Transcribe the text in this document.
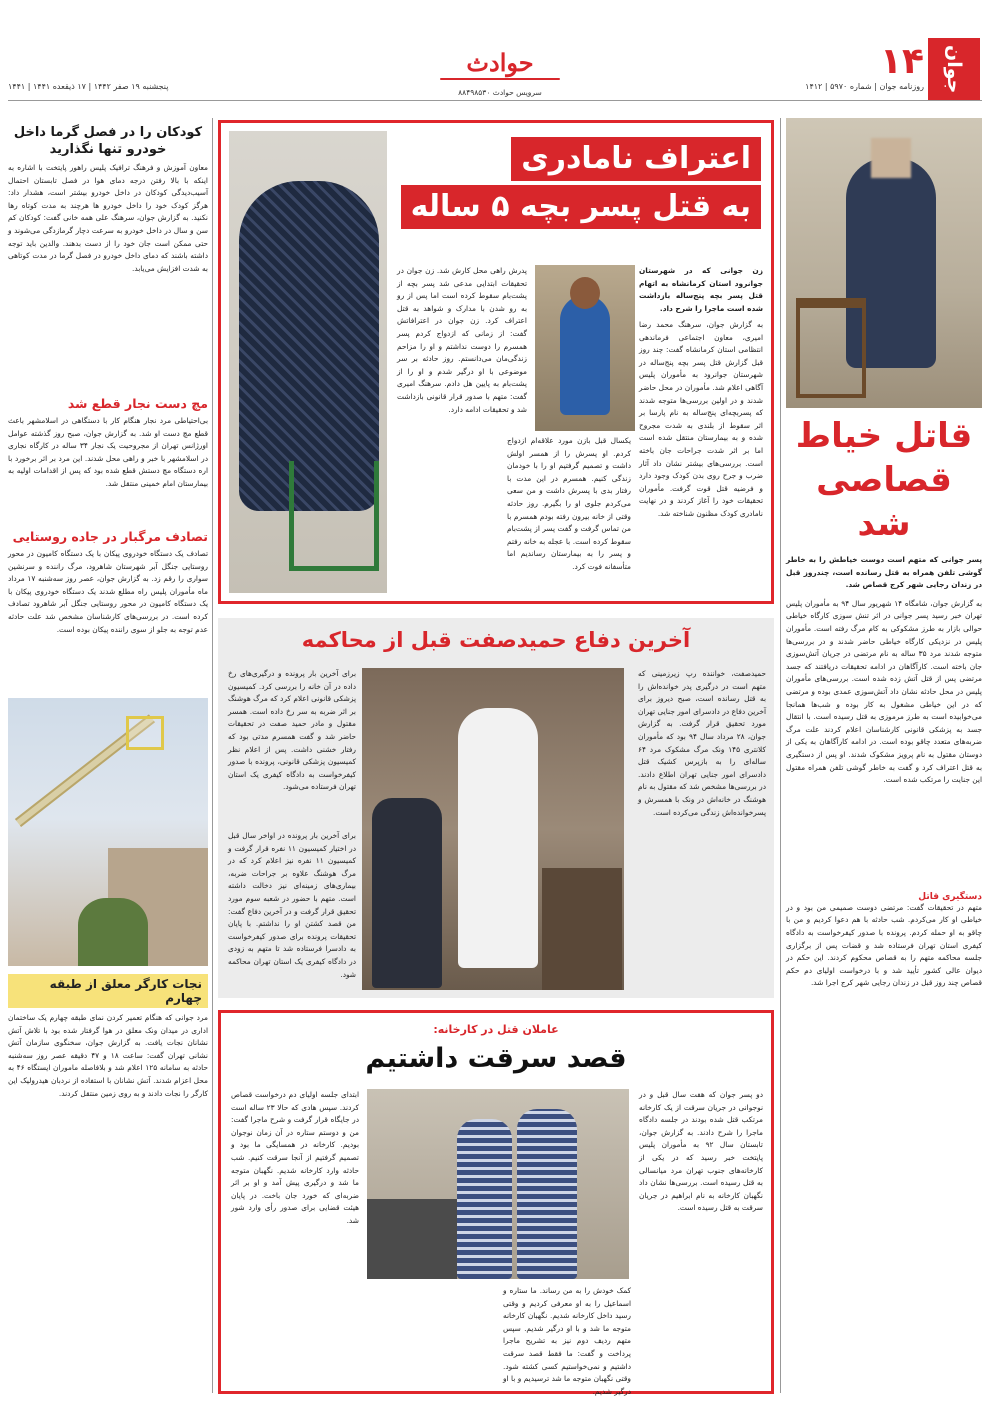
جوان
۱۴
روزنامه جوان | شماره ۵۹۷۰ | ۱۴۱۲
حوادث
سرویس حوادث ۸۸۴۹۸۵۳۰
پنجشنبه ۱۹ صفر ۱۴۴۲ | ۱۷ ذیقعده ۱۴۴۱ | ۱۴۴۱
کودکان را در فصل گرما داخل خودرو تنها نگذارید
معاون آموزش و فرهنگ ترافیک پلیس راهور پایتخت با اشاره به اینکه با بالا رفتن درجه دمای هوا در فصل تابستان احتمال آسیب‌دیدگی کودکان در داخل خودرو بیشتر است، هشدار داد: هرگز کودک خود را داخل خودرو ها هرچند به مدت کوتاه رها نکنید. به گزارش جوان، سرهنگ علی همه خانی گفت: کودکان کم سن و سال در داخل خودرو به سرعت دچار گرمازدگی می‌شوند و حتی ممکن است جان خود را از دست بدهند. والدین باید توجه داشته باشند که دمای داخل خودرو در فصل گرما در مدت کوتاهی به شدت افزایش می‌یابد.
مچ دست نجار قطع شد
بی‌احتیاطی مرد نجار هنگام کار با دستگاهی در اسلامشهر باعث قطع مچ دست او شد. به گزارش جوان، صبح روز گذشته عوامل اورژانس تهران از مجروحیت یک نجار ۳۴ ساله در کارگاه نجاری در اسلامشهر با خبر و راهی محل شدند. این مرد بر اثر برخورد با اره دستگاه مچ دستش قطع شده بود که پس از اقدامات اولیه به بیمارستان امام خمینی منتقل شد.
تصادف مرگبار در جاده روستایی
تصادف یک دستگاه خودروی پیکان با یک دستگاه کامیون در محور روستایی جنگل آبر شهرستان شاهرود، مرگ راننده و سرنشین سواری را رقم زد. به گزارش جوان، عصر روز سه‌شنبه ۱۷ مرداد ماه مأموران پلیس راه مطلع شدند یک دستگاه خودروی پیکان با یک دستگاه کامیون در محور روستایی جنگل آبر شاهرود تصادف کرده است. در بررسی‌های کارشناسان مشخص شد علت حادثه عدم توجه به جلو از سوی راننده پیکان بوده است.
نجات کارگر معلق از طبقه چهارم
مرد جوانی که هنگام تعمیر کردن نمای طبقه چهارم یک ساختمان اداری در میدان ونک معلق در هوا گرفتار شده بود با تلاش آتش نشانان نجات یافت. به گزارش جوان، سخنگوی سازمان آتش نشانی تهران گفت: ساعت ۱۸ و ۴۷ دقیقه عصر روز سه‌شنبه حادثه به سامانه ۱۲۵ اعلام شد و بلافاصله ماموران ایستگاه ۴۶ به محل اعزام شدند. آتش نشانان با استفاده از نردبان هیدرولیک این کارگر را نجات دادند و به روی زمین منتقل کردند.
قاتل خیاط
قصاصی شد
پسر جوانی که متهم است دوست خیاطش را به خاطر گوشی تلفن همراه به قتل رسانده است، چندروز قبل در زندان رجایی شهر کرج قصاص شد.
به گزارش جوان، شامگاه ۱۴ شهریور سال ۹۴ به مأموران پلیس تهران خبر رسید پسر جوانی در اثر تنش سوزی کارگاه خیاطی حوالی بازار به طرز مشکوکی به کام مرگ رفته است. مأموران پلیس در نزدیکی کارگاه خیاطی حاضر شدند و در بررسی‌ها متوجه شدند مرد ۳۵ ساله به نام مرتضی در جریان آتش‌سوزی جان باخته است. کارآگاهان در ادامه تحقیقات دریافتند که جسد مرتضی پس از قتل آتش زده شده است. بررسی‌های مأموران پلیس در محل حادثه نشان داد آتش‌سوزی عمدی بوده و مرتضی که در این خیاطی مشغول به کار بوده و شب‌ها همانجا می‌خوابیده است به طرز مرموزی به قتل رسیده است. با انتقال جسد به پزشکی قانونی کارشناسان اعلام کردند علت مرگ ضربه‌های متعدد چاقو بوده است. در ادامه کارآگاهان به یکی از دوستان مقتول به نام پرویز مشکوک شدند. او پس از دستگیری به قتل اعتراف کرد و گفت به خاطر گوشی تلفن همراه مقتول این جنایت را مرتکب شده است.
دستگیری قاتل
متهم در تحقیقات گفت: مرتضی دوست صمیمی من بود و در خیاطی او کار می‌کردم. شب حادثه با هم دعوا کردیم و من با چاقو به او حمله کردم. پرونده با صدور کیفرخواست به دادگاه کیفری استان تهران فرستاده شد و قضات پس از برگزاری جلسه محاکمه متهم را به قصاص محکوم کردند. این حکم در دیوان عالی کشور تأیید شد و با درخواست اولیای دم حکم قصاص چند روز قبل در زندان رجایی شهر کرج اجرا شد.
اعتراف نامادری
به قتل پسر بچه ۵ ساله
زن جوانی که در شهرستان جوانرود استان کرمانشاه به اتهام قتل پسر بچه پنج‌ساله بازداشت شده است ماجرا را شرح داد.
به گزارش جوان، سرهنگ محمد رضا امیری، معاون اجتماعی فرماندهی انتظامی استان کرمانشاه گفت: چند روز قبل گزارش قتل پسر بچه پنج‌ساله در شهرستان جوانرود به مأموران پلیس آگاهی اعلام شد. مأموران در محل حاضر شدند و در اولین بررسی‌ها متوجه شدند که پسربچه‌ای پنج‌ساله به نام پارسا بر اثر سقوط از بلندی به شدت مجروح شده و به بیمارستان منتقل شده است اما بر اثر شدت جراحات جان باخته است. بررسی‌های بیشتر نشان داد آثار ضرب و جرح روی بدن کودک وجود دارد و فرضیه قتل قوت گرفت. مأموران تحقیقات خود را آغاز کردند و در نهایت نامادری کودک مظنون شناخته شد.
یکسال قبل بازن مورد علاقه‌ام ازدواج کردم. او پسرش را از همسر اولش داشت و تصمیم گرفتیم او را با خودمان زندگی کنیم. همسرم در این مدت با رفتار بدی با پسرش داشت و من سعی می‌کردم جلوی او را بگیرم. روز حادثه وقتی از خانه بیرون رفته بودم همسرم با من تماس گرفت و گفت پسر از پشت‌بام سقوط کرده است. با عجله به خانه رفتم و پسر را به بیمارستان رساندیم اما متأسفانه فوت کرد.
پدرش راهی محل کارش شد. زن جوان در تحقیقات ابتدایی مدعی شد پسر بچه از پشت‌بام سقوط کرده است اما پس از رو به رو شدن با مدارک و شواهد به قتل اعتراف کرد. زن جوان در اعترافاتش گفت: از زمانی که ازدواج کردم پسر همسرم را دوست نداشتم و او را مزاحم زندگی‌مان می‌دانستم. روز حادثه بر سر موضوعی با او درگیر شدم و او را از پشت‌بام به پایین هل دادم. سرهنگ امیری گفت: متهم با صدور قرار قانونی بازداشت شد و تحقیقات ادامه دارد.
آخرین دفاع حمیدصفت قبل از محاکمه
حمیدصفت، خواننده رپ زیرزمینی که متهم است در درگیری پدر خوانده‌اش را به قتل رسانده است، صبح دیروز برای آخرین دفاع در دادسرای امور جنایی تهران مورد تحقیق قرار گرفت. به گزارش جوان، ۲۸ مرداد سال ۹۴ بود که مأموران کلانتری ۱۴۵ ونک مرگ مشکوک مرد ۶۴ ساله‌ای را به بازپرس کشیک قتل دادسرای امور جنایی تهران اطلاع دادند. در بررسی‌ها مشخص شد که مقتول به نام هوشنگ در خانه‌اش در ونک با همسرش و پسرخوانده‌اش زندگی می‌کرده است.
برای آخرین بار پرونده و درگیری‌های رخ داده در آن خانه را بررسی کرد. کمیسیون پزشکی قانونی اعلام کرد که مرگ هوشنگ بر اثر ضربه به سر رخ داده است. همسر مقتول و مادر حمید صفت در تحقیقات حاضر شد و گفت همسرم مدتی بود که رفتار خشنی داشت. پس از اعلام نظر کمیسیون پزشکی قانونی، پرونده با صدور کیفرخواست به دادگاه کیفری یک استان تهران فرستاده می‌شود.
برای آخرین بار پرونده در اواخر سال قبل در اختیار کمیسیون ۱۱ نفره قرار گرفت و کمیسیون ۱۱ نفره نیز اعلام کرد که در مرگ هوشنگ علاوه بر جراحات ضربه، بیماری‌های زمینه‌ای نیز دخالت داشته است. متهم با حضور در شعبه سوم مورد تحقیق قرار گرفت و در آخرین دفاع گفت: من قصد کشتن او را نداشتم. با پایان تحقیقات پرونده برای صدور کیفرخواست به دادسرا فرستاده شد تا متهم به زودی در دادگاه کیفری یک استان تهران محاکمه شود.
عاملان قتل در کارخانه:
قصد سرقت داشتیم
دو پسر جوان که هفت سال قبل و در نوجوانی در جریان سرقت از یک کارخانه مرتکب قتل شده بودند در جلسه دادگاه ماجرا را شرح دادند. به گزارش جوان، تابستان سال ۹۲ به مأموران پلیس پایتخت خبر رسید که در یکی از کارخانه‌های جنوب تهران مرد میانسالی به قتل رسیده است. بررسی‌ها نشان داد نگهبان کارخانه به نام ابراهیم در جریان سرقت به قتل رسیده است.
کمک خودش را به من رساند. ما ستاره و اسماعیل را به او معرفی کردیم و وقتی رسید داخل کارخانه شدیم. نگهبان کارخانه متوجه ما شد و با او درگیر شدیم. سپس متهم ردیف دوم نیز به تشریح ماجرا پرداخت و گفت: ما فقط قصد سرقت داشتیم و نمی‌خواستیم کسی کشته شود. وقتی نگهبان متوجه ما شد ترسیدیم و با او درگیر شدیم.
ابتدای جلسه اولیای دم درخواست قصاص کردند. سپس هادی که حالا ۲۳ ساله است در جایگاه قرار گرفت و شرح ماجرا گفت: من و دوستم ستاره در آن زمان نوجوان بودیم. کارخانه در همسایگی ما بود و تصمیم گرفتیم از آنجا سرقت کنیم. شب حادثه وارد کارخانه شدیم. نگهبان متوجه ما شد و درگیری پیش آمد و او بر اثر ضربه‌ای که خورد جان باخت. در پایان هیئت قضایی برای صدور رأی وارد شور شد.
